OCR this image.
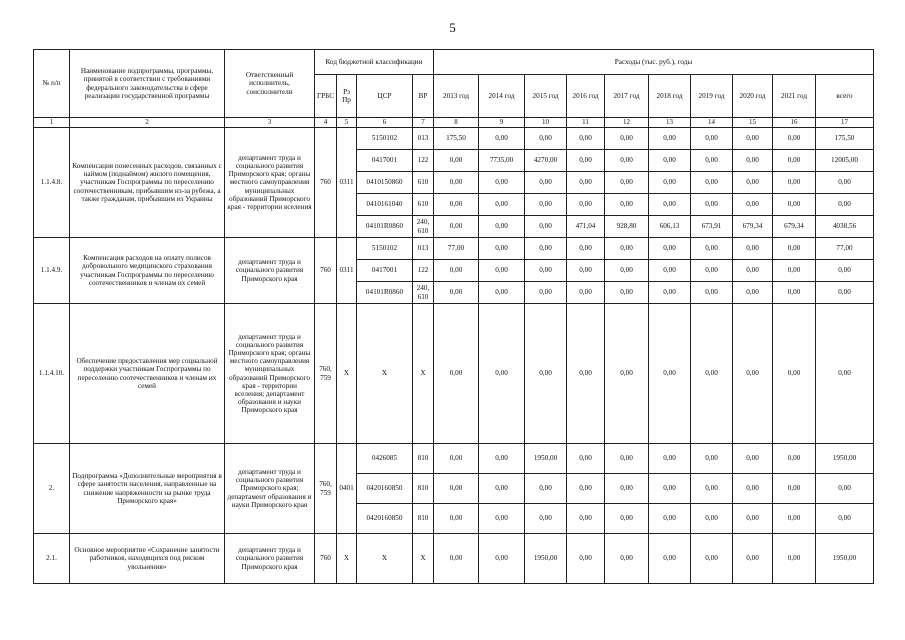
5
№ п/п	Наименование подпрограммы, программы, принятой в соответствии с требованиями федерального законодательства в сфере реализации государственной программы	Ответственный исполнитель, соисполнители	Код бюджетной классификации				Расходы (тыс. руб.), годы									
			ГРБС	Рз Пр	ЦСР	ВР	2013 год	2014 год	2015 год	2016 год	2017 год	2018 год	2019 год	2020 год	2021 год	всего
1	2	3	4	5	6	7	8	9	10	11	12	13	14	15	16	17
1.1.4.8.	Компенсация понесенных расходов, связанных с наймом (поднаймом) жилого помещения, участникам Госпрограммы по переселению соотечественникам, прибывшим из-за рубежа, а также гражданам, прибывшим из Украины	департамент труда и социального развития Приморского края; органы местного самоуправления муниципальных образований Приморского края - территории вселения	760	0311	5150102	013	175,50	0,00	0,00	0,00	0,00	0,00	0,00	0,00	0,00	175,50
					0417001	122	0,00	7735,00	4270,00	0,00	0,00	0,00	0,00	0,00	0,00	12005,00
					0410150860	610	0,00	0,00	0,00	0,00	0,00	0,00	0,00	0,00	0,00	0,00
					0410161040	610	0,00	0,00	0,00	0,00	0,00	0,00	0,00	0,00	0,00	0,00
					04101R0860	240, 610	0,00	0,00	0,00	471,04	928,80	606,13	673,91	679,34	679,34	4038,56
1.1.4.9.	Компенсация расходов на оплату полисов добровольного медицинского страхования участникам Госпрограммы по переселению соотечественников и членам их семей	департамент труда и социального развития Приморского края	760	0311	5150102	013	77,00	0,00	0,00	0,00	0,00	0,00	0,00	0,00	0,00	77,00
					0417001	122	0,00	0,00	0,00	0,00	0,00	0,00	0,00	0,00	0,00	0,00
					04101R0860	240, 610	0,00	0,00	0,00	0,00	0,00	0,00	0,00	0,00	0,00	0,00
1.1.4.10.	Обеспечение предоставления мер социальной поддержки участникам Госпрограммы по переселению соотечественников и членам их семей	департамент труда и социального развития Приморского края; органы местного самоуправления муниципальных образований Приморского края - территории вселения; департамент образования и науки Приморского края	760, 759	X	X	X	0,00	0,00	0,00	0,00	0,00	0,00	0,00	0,00	0,00	0,00
2.	Подпрограмма «Дополнительные мероприятия в сфере занятости населения, направленные на снижение напряженности на рынке труда Приморского края»	департамент труда и социального развития Приморского края; департамент образования и науки Приморского края	760, 759	0401	0426085	810	0,00	0,00	1950,00	0,00	0,00	0,00	0,00	0,00	0,00	1950,00
					0420160850	810	0,00	0,00	0,00	0,00	0,00	0,00	0,00	0,00	0,00	0,00
					0420160850	810	0,00	0,00	0,00	0,00	0,00	0,00	0,00	0,00	0,00	0,00
2.1.	Основное мероприятие «Сохранение занятости работников, находящихся под риском увольнения»	департамент труда и социального развития Приморского края	760	X	X	X	0,00	0,00	1950,00	0,00	0,00	0,00	0,00	0,00	0,00	1950,00
